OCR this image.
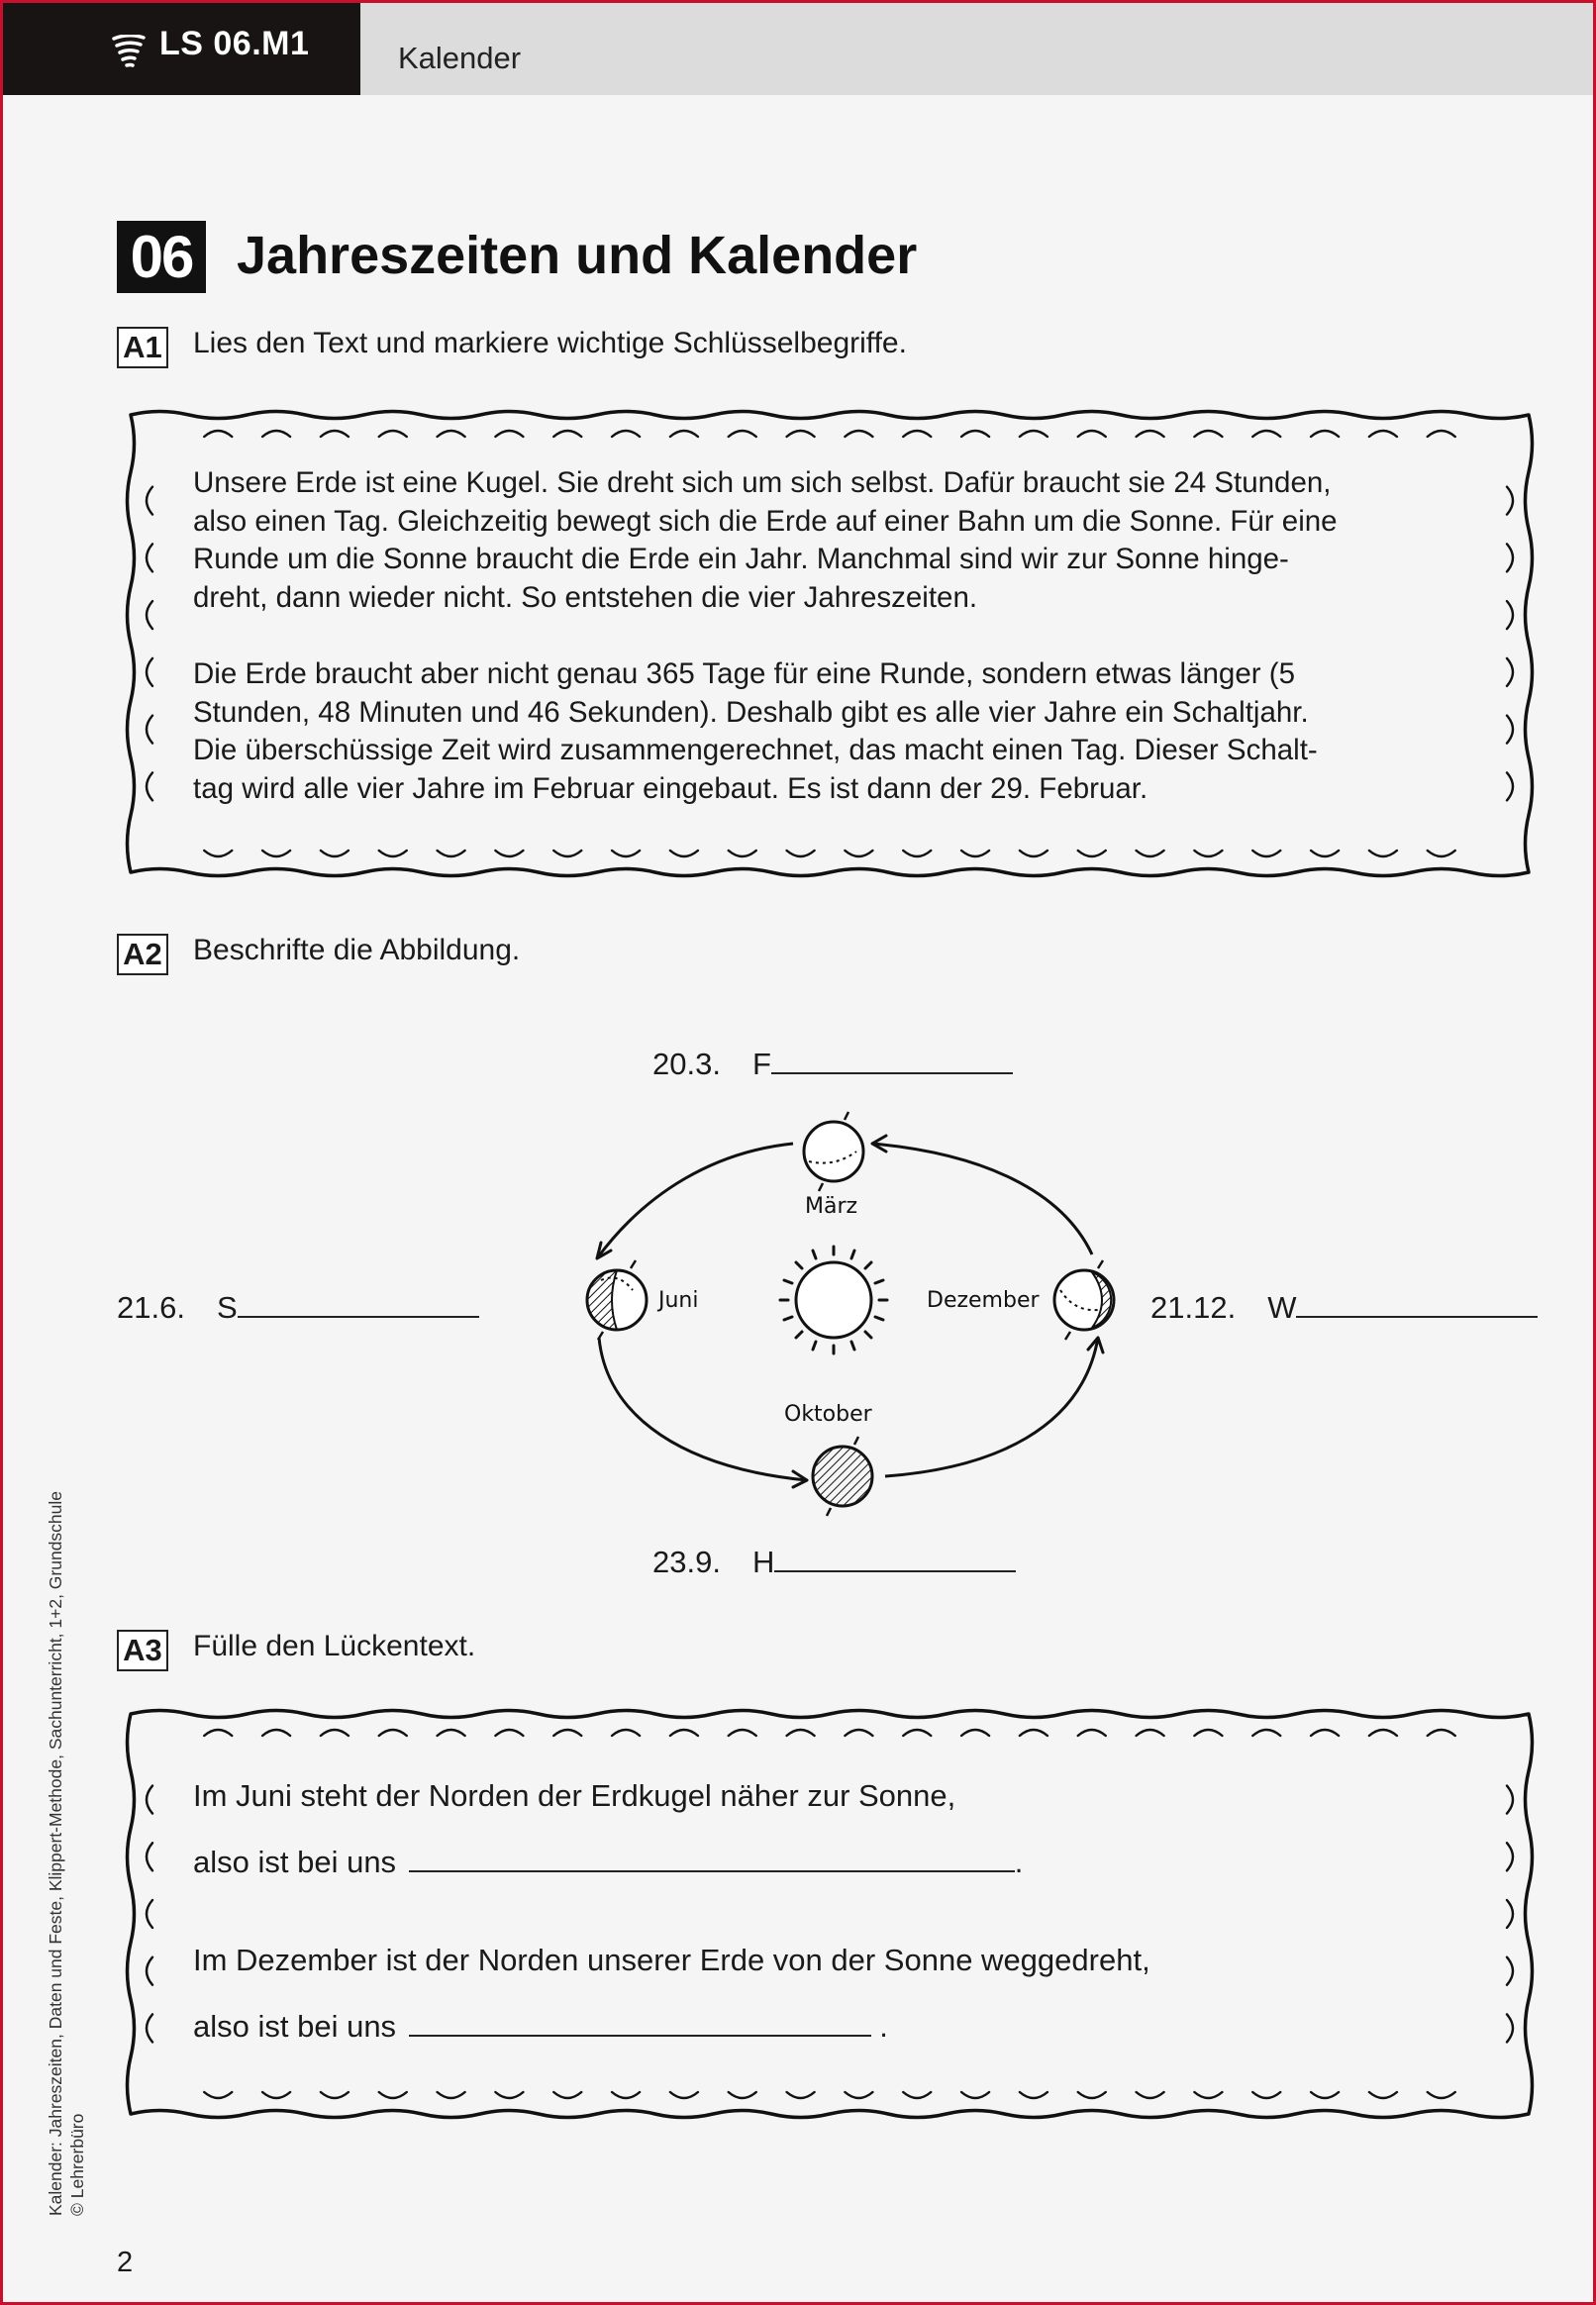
LS 06.M1	Kalender
06 Jahreszeiten und Kalender
A1 Lies den Text und markiere wichtige Schlüsselbegriffe.

Unsere Erde ist eine Kugel. Sie dreht sich um sich selbst. Dafür braucht sie 24 Stunden,
also einen Tag. Gleichzeitig bewegt sich die Erde auf einer Bahn um die Sonne. Für eine
Runde um die Sonne braucht die Erde ein Jahr. Manchmal sind wir zur Sonne hinge-
dreht, dann wieder nicht. So entstehen die vier Jahreszeiten.

Die Erde braucht aber nicht genau 365 Tage für eine Runde, sondern etwas länger (5
Stunden, 48 Minuten und 46 Sekunden). Deshalb gibt es alle vier Jahre ein Schaltjahr.
Die überschüssige Zeit wird zusammengerechnet, das macht einen Tag. Dieser Schalt-
tag wird alle vier Jahre im Februar eingebaut. Es ist dann der 29. Februar.

A2 Beschrifte die Abbildung.
20.3. F
21.6. S	21.12. W
23.9. H
März
Juni	Dezember
Oktober
A3 Fülle den Lückentext.
Im Juni steht der Norden der Erdkugel näher zur Sonne,
also ist bei uns	.
Im Dezember ist der Norden unserer Erde von der Sonne weggedreht,
also ist bei uns	.
Kalender: Jahreszeiten, Daten und Feste, Klippert-Methode, Sachunterricht, 1+2, Grundschule © Lehrerbüro
2
